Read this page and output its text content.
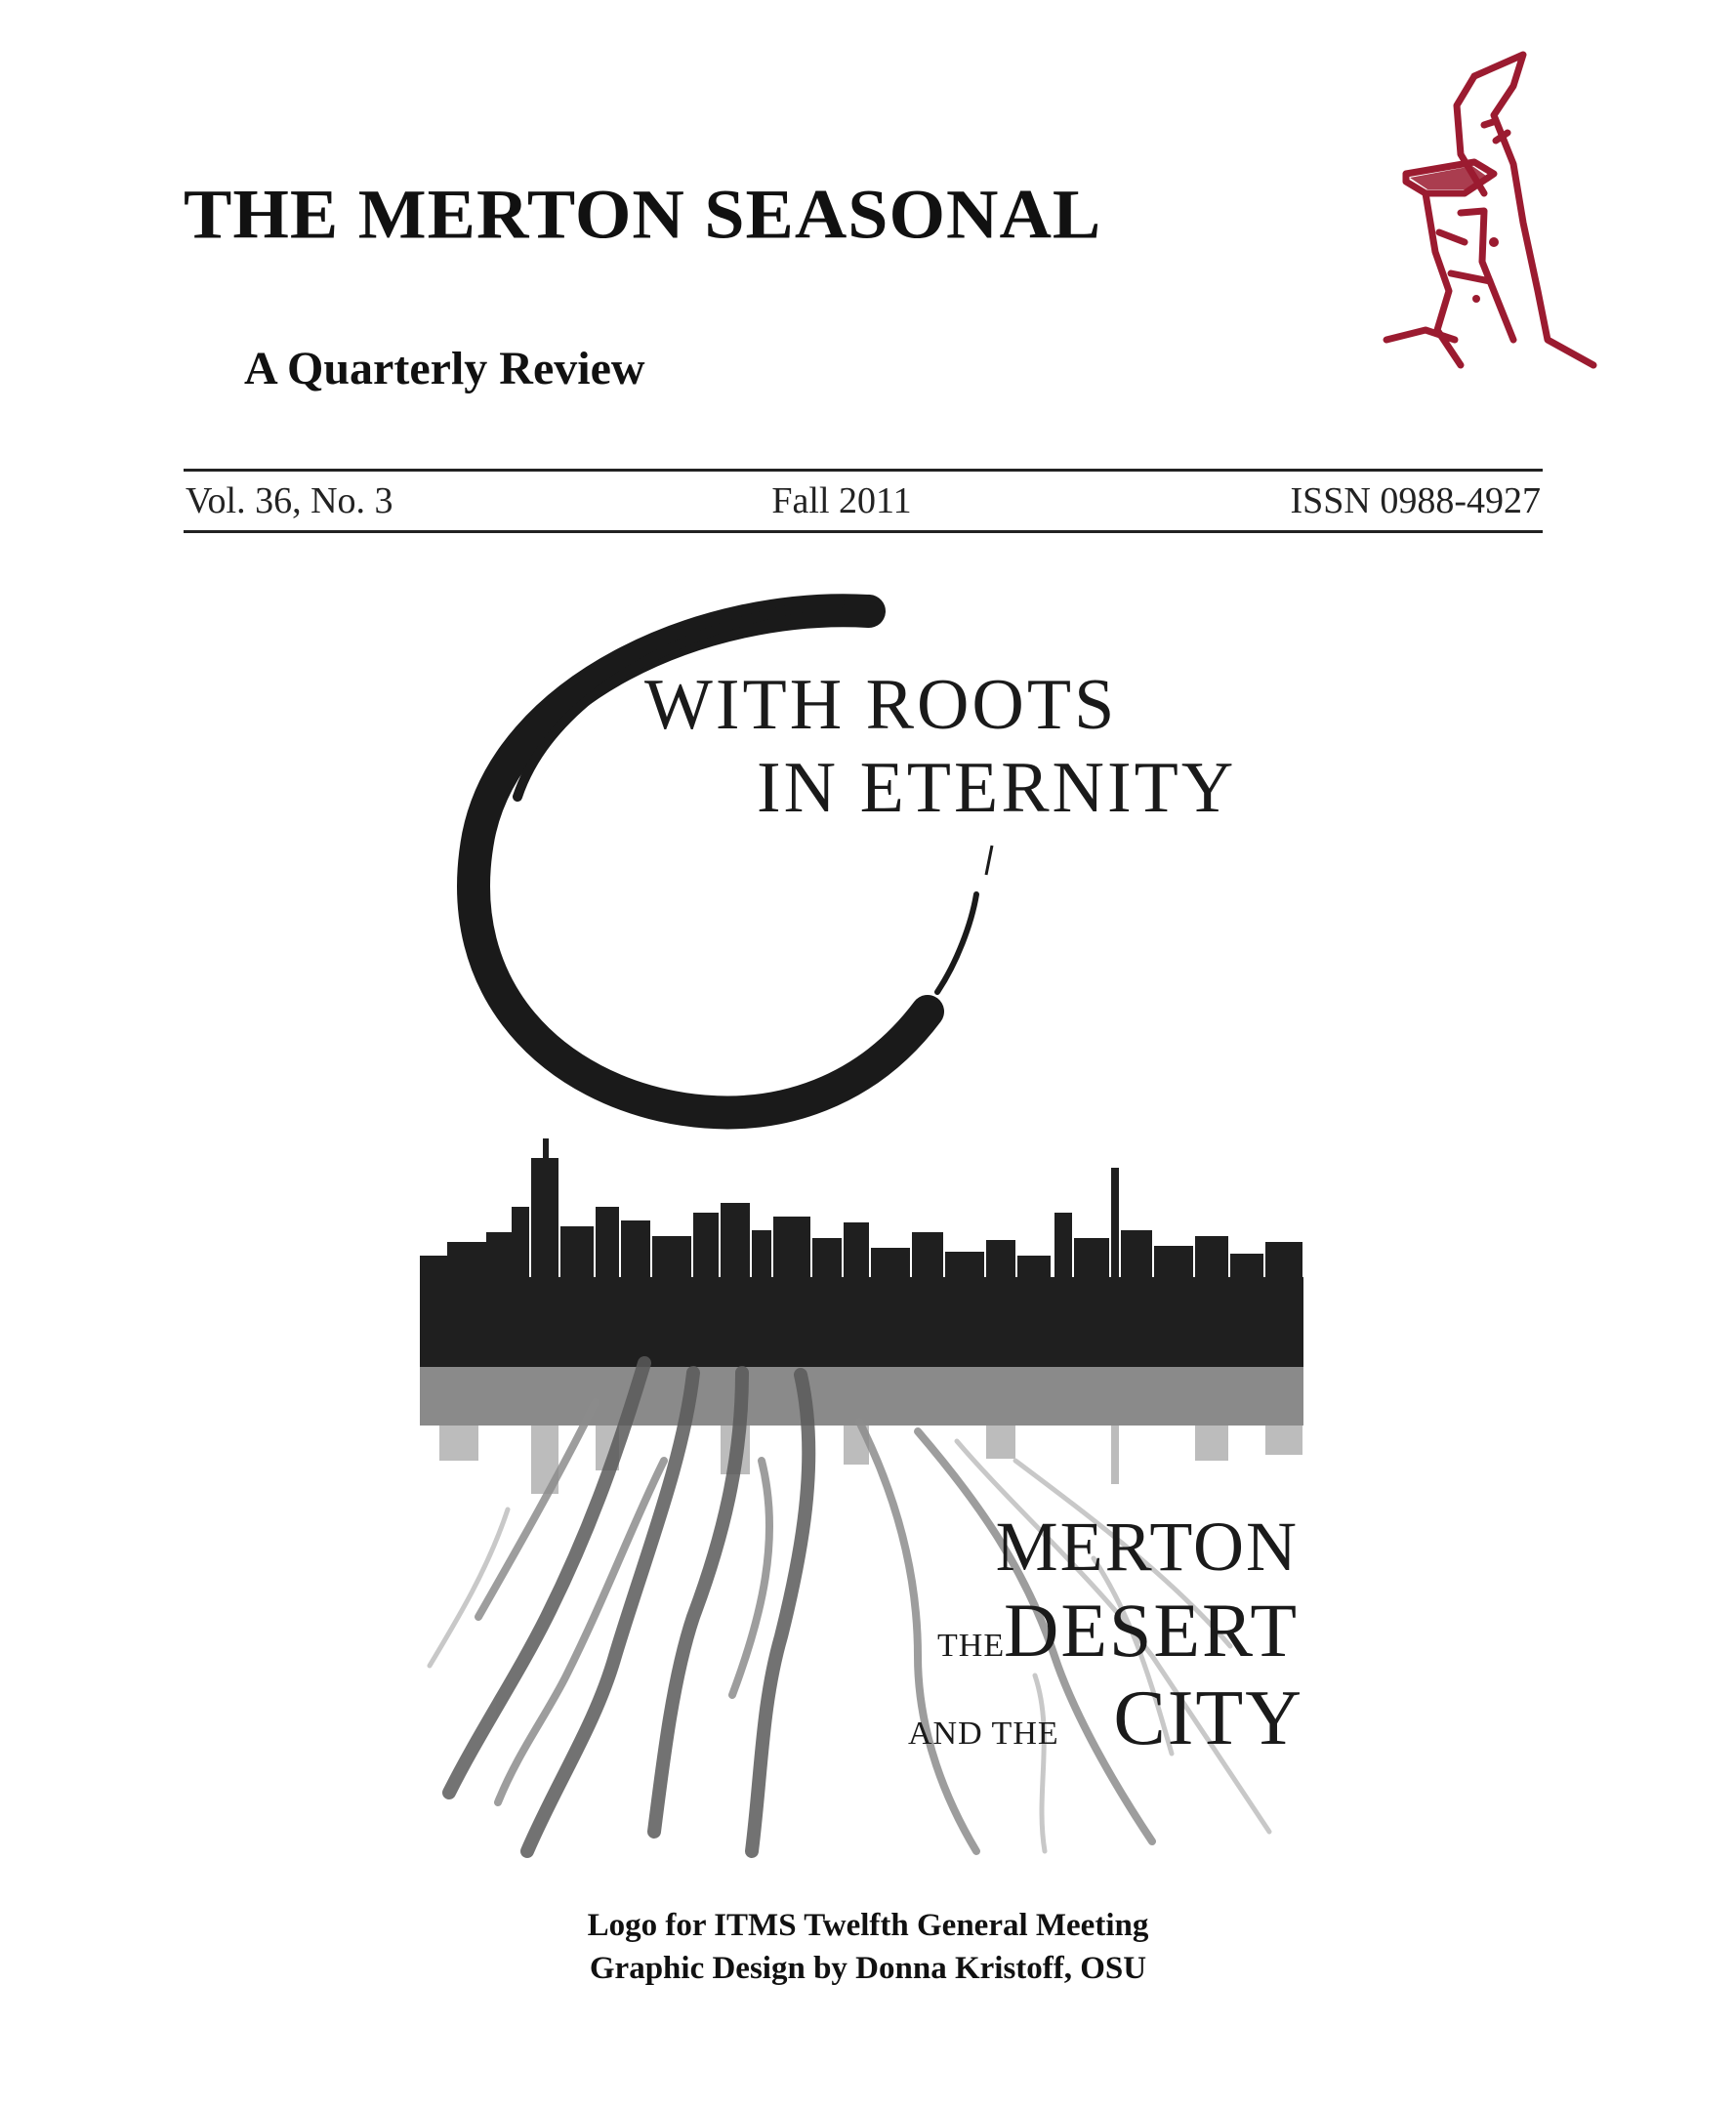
THE MERTON SEASONAL
A Quarterly Review
Vol. 36, No. 3	Fall 2011	ISSN 0988-4927
WITH ROOTS
IN ETERNITY
MERTON
THE
DESERT
AND THE CITY
Logo for ITMS Twelfth General Meeting
Graphic Design by Donna Kristoff, OSU
